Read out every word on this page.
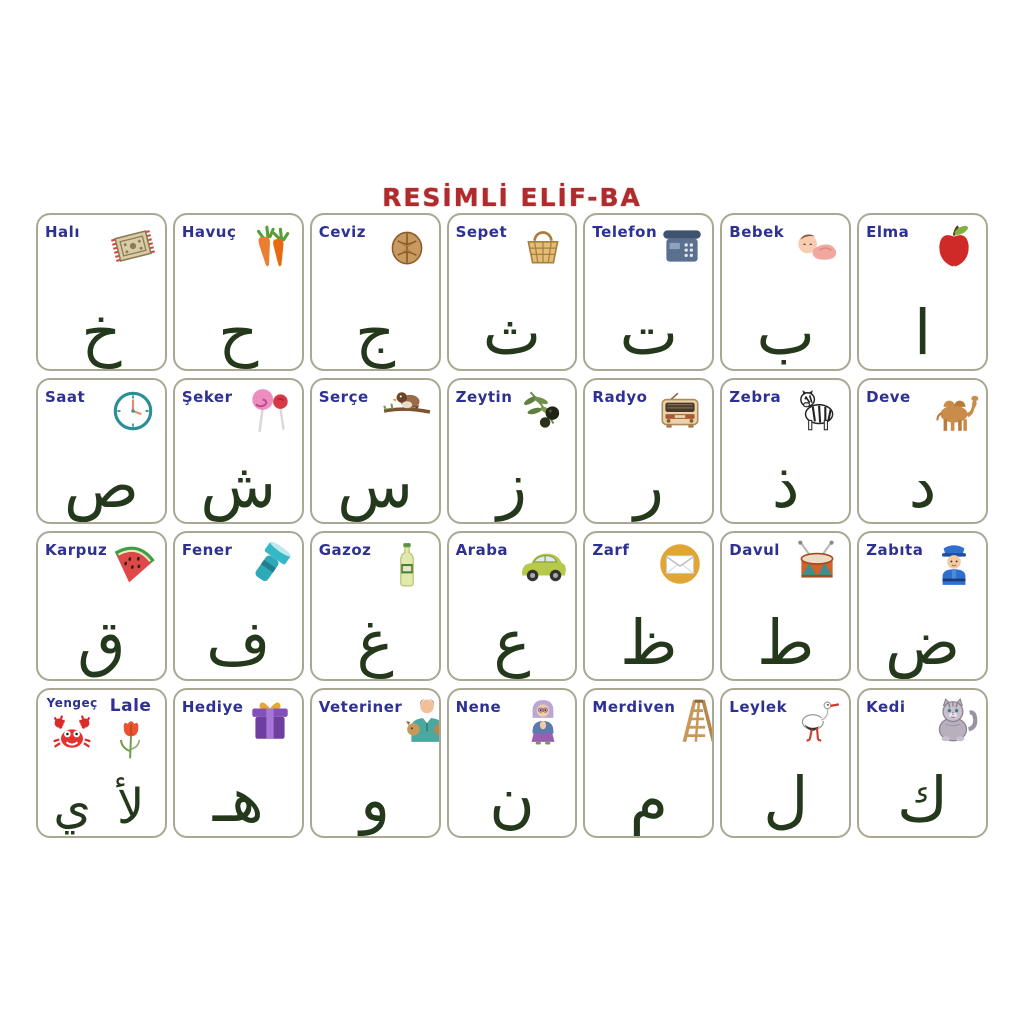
RESİMLİ ELİF-BA
Halı
خ
Havuç
ح
Ceviz
ج
Sepet
ث
Telefon
ت
Bebek
ب
Elma
ا
Saat
ص
Şeker
ش
Serçe
س
Zeytin
ز
Radyo
ر
Zebra
ذ
Deve
د
Karpuz
ق
Fener
ف
Gazoz
غ
Araba
ع
Zarf
ظ
Davul
ط
Zabıta
ض
Yengeç
ي
Lale
لأ
Hediye
هـ
Veteriner
و
Nene
ن
Merdiven
م
Leylek
ل
Kedi
ك
